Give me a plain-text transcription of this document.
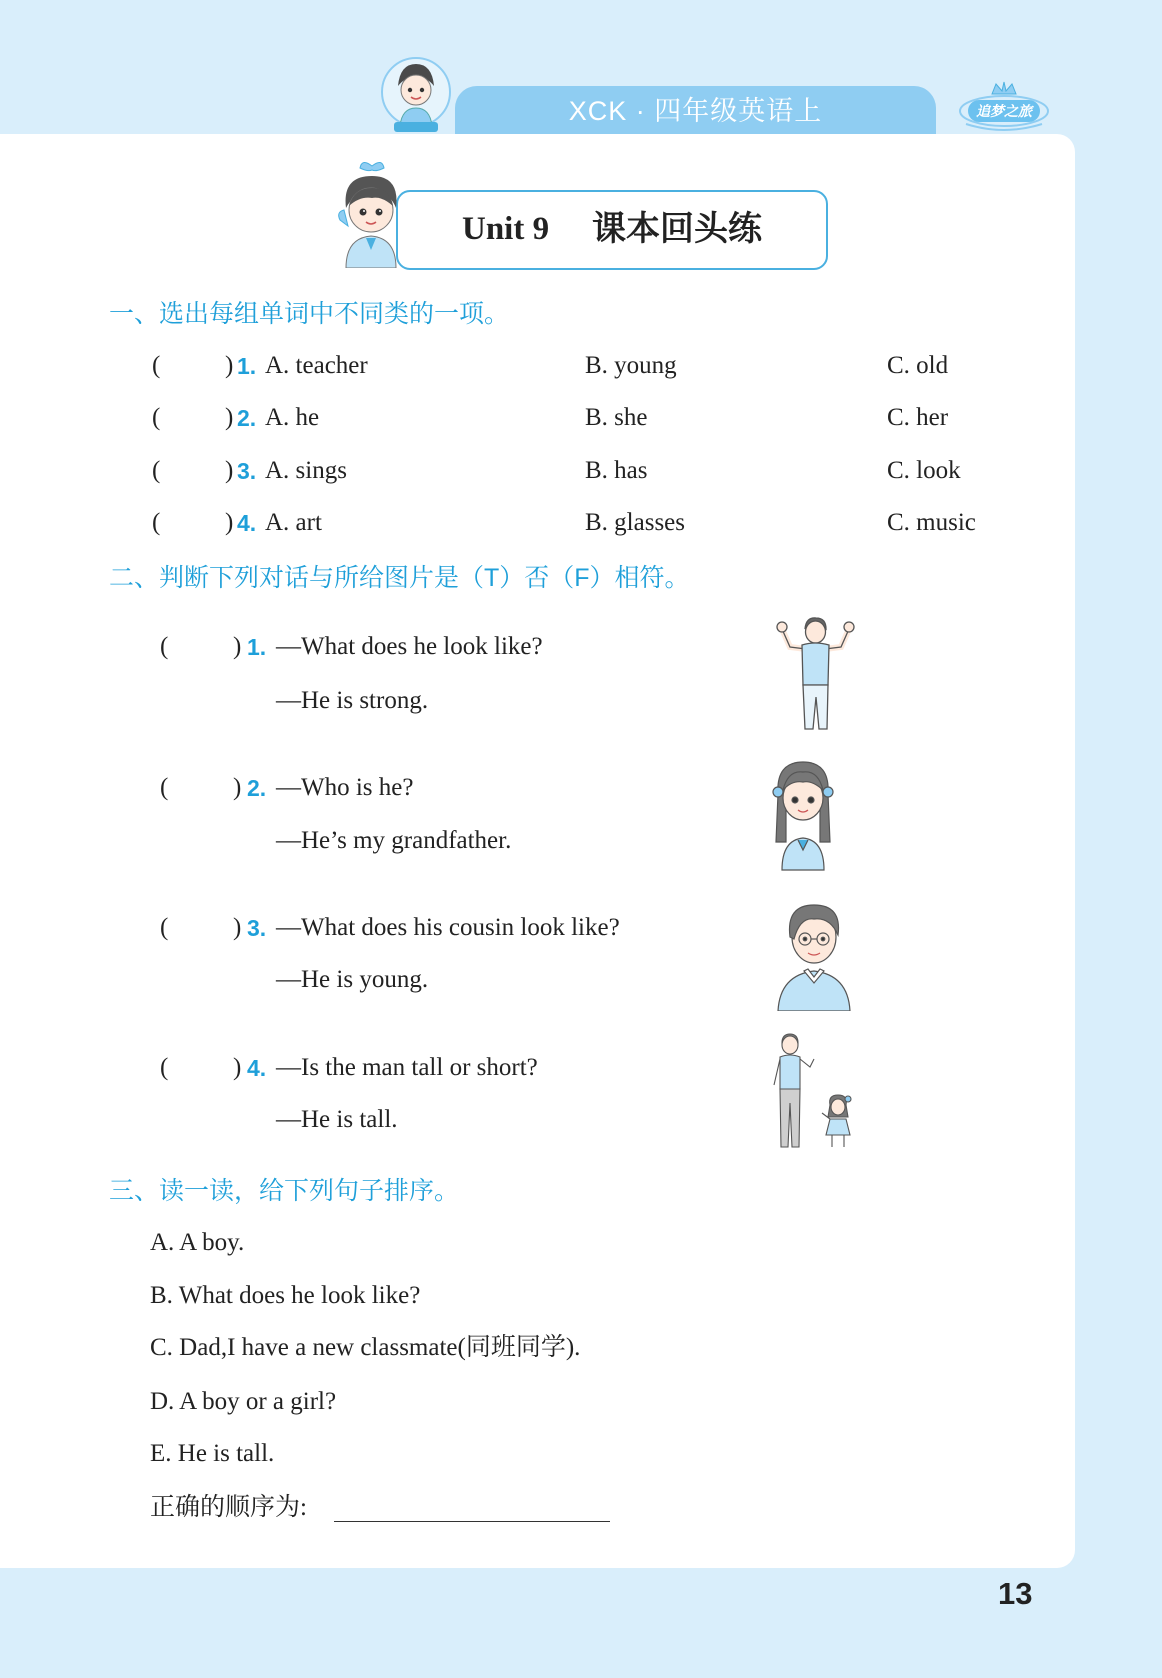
XCK · 四年级英语上	追梦之旅
Unit 9 课本回头练
一、选出每组单词中不同类的一项。
(	) 1. A. teacher	B. young	C. old
(	) 2. A. he	B. she	C. her
(	) 3. A. sings	B. has	C. look
(	) 4. A. art	B. glasses	C. music
二、判断下列对话与所给图片是（T）否（F）相符。
(	) 1. —What does he look like?
—He is strong.
(	) 2. —Who is he?
—He’s my grandfather.
(	) 3. —What does his cousin look like?
—He is young.
(	) 4. —Is the man tall or short?
—He is tall.
三、读一读，给下列句子排序。
A. A boy.
B. What does he look like?
C. Dad,I have a new classmate(同班同学).
D. A boy or a girl?
E. He is tall.
正确的顺序为:
13
